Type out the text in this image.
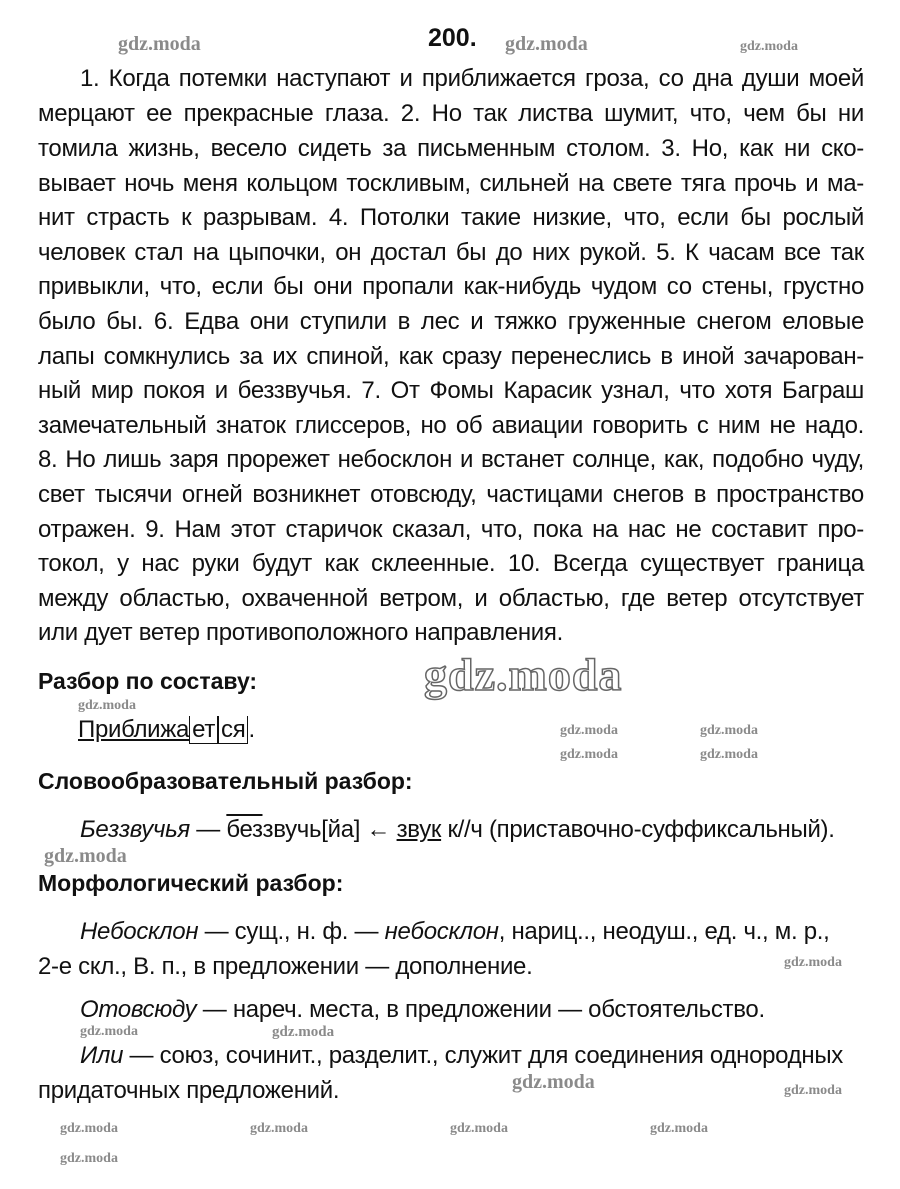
200.
1. Когда потемки наступают и приближается гроза, со дна души моей
мерцают ее прекрасные глаза. 2. Но так листва шумит, что, чем бы ни
томила жизнь, весело сидеть за письменным столом. 3. Но, как ни ско-
вывает ночь меня кольцом тоскливым, сильней на свете тяга прочь и ма-
нит страсть к разрывам. 4. Потолки такие низкие, что, если бы рослый
человек стал на цыпочки, он достал бы до них рукой. 5. К часам все так
привыкли, что, если бы они пропали как-нибудь чудом со стены, грустно
было бы. 6. Едва они ступили в лес и тяжко груженные снегом еловые
лапы сомкнулись за их спиной, как сразу перенеслись в иной зачарован-
ный мир покоя и беззвучья. 7. От Фомы Карасик узнал, что хотя Баграш
замечательный знаток глиссеров, но об авиации говорить с ним не надо.
8. Но лишь заря прорежет небосклон и встанет солнце, как, подобно чуду,
свет тысячи огней возникнет отовсюду, частицами снегов в пространство
отражен. 9. Нам этот старичок сказал, что, пока на нас не составит про-
токол, у нас руки будут как склеенные. 10. Всегда существует граница
между областью, охваченной ветром, и областью, где ветер отсутствует
или дует ветер противоположного направления.
Разбор по составу:
Приближа ет ся .
Словообразовательный разбор:
Беззвучья — беззвучь[йа] ← звук к//ч (приставочно-суффиксальный).
Морфологический разбор:
Небосклон — сущ., н. ф. — небосклон, нариц.., неодуш., ед. ч., м. р.,
2-е скл., В. п., в предложении — дополнение.
Отовсюду — нареч. места, в предложении — обстоятельство.
Или — союз, сочинит., разделит., служит для соединения однородных
придаточных предложений.
gdz.moda	gdz.moda	gdz.moda
gdz.moda	gdz.moda
gdz.moda	gdz.moda
gdz.moda	gdz.moda	gdz.moda	gdz.moda
gdz.moda
gdz.moda
gdz.moda
gdz.moda
gdz.moda
gdz.moda	gdz.moda
gdz.moda	gdz.moda
